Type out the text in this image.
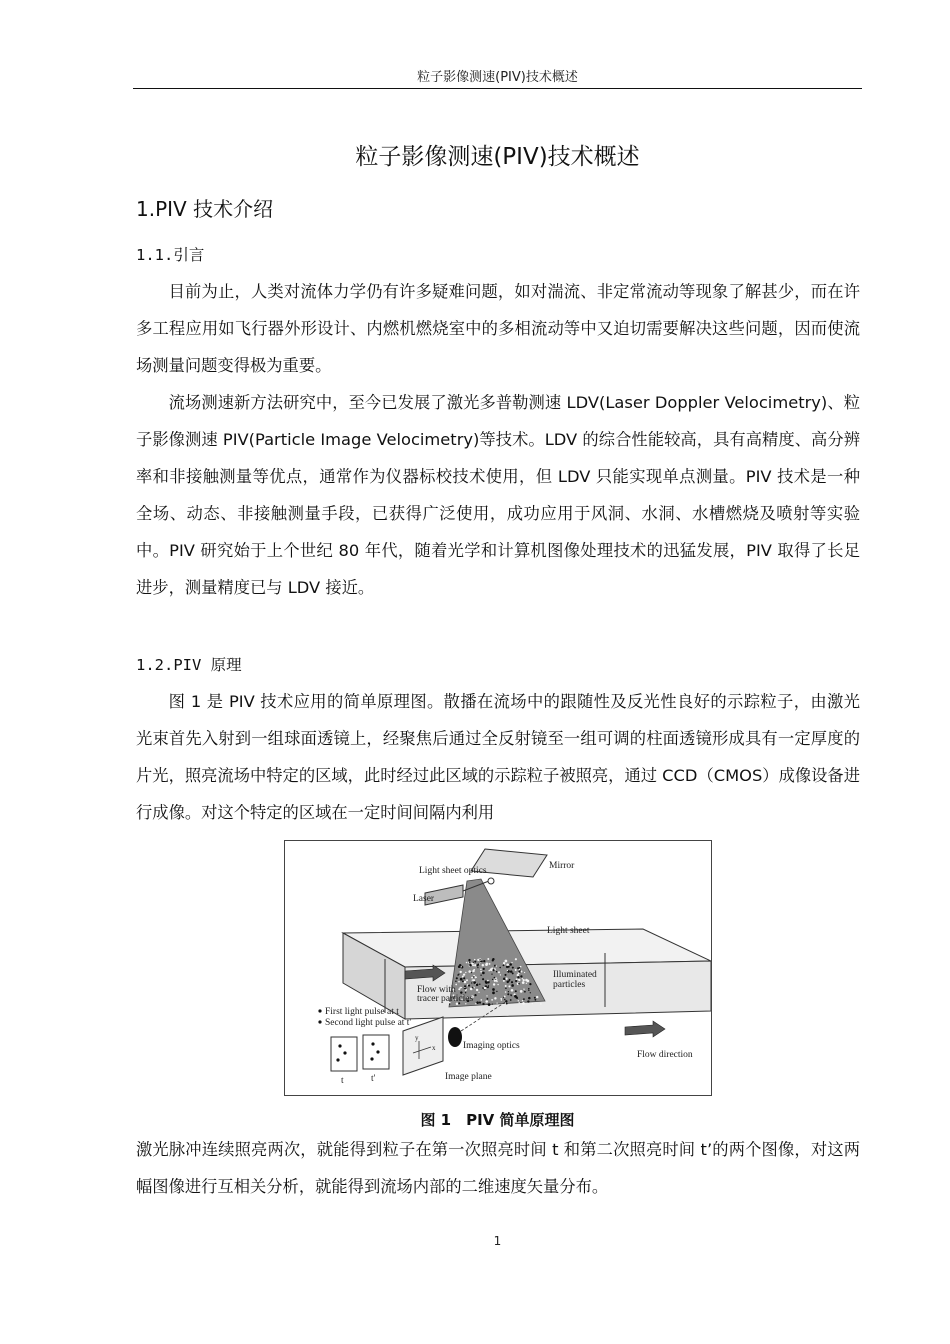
粒子影像测速(PIV)技术概述
粒子影像测速(PIV)技术概述
1.PIV 技术介绍
1.1.引言

目前为止，人类对流体力学仍有许多疑难问题，如对湍流、非定常流动等现象了解甚少，而在许多工程应用如飞行器外形设计、内燃机燃烧室中的多相流动等中又迫切需要解决这些问题，因而使流场测量问题变得极为重要。

流场测速新方法研究中，至今已发展了激光多普勒测速 LDV(Laser Doppler Velocimetry)、粒子影像测速 PIV(Particle Image Velocimetry)等技术。LDV 的综合性能较高，具有高精度、高分辨率和非接触测量等优点，通常作为仪器标校技术使用，但 LDV 只能实现单点测量。PIV 技术是一种全场、动态、非接触测量手段，已获得广泛使用，成功应用于风洞、水洞、水槽燃烧及喷射等实验中。PIV 研究始于上个世纪 80 年代，随着光学和计算机图像处理技术的迅猛发展，PIV 取得了长足进步，测量精度已与 LDV 接近。

1.2.PIV 原理

图 1 是 PIV 技术应用的简单原理图。散播在流场中的跟随性及反光性良好的示踪粒子，由激光光束首先入射到一组球面透镜上，经聚焦后通过全反射镜至一组可调的柱面透镜形成具有一定厚度的片光，照亮流场中特定的区域，此时经过此区域的示踪粒子被照亮，通过 CCD（CMOS）成像设备进行成像。对这个特定的区域在一定时间间隔内利用

Light sheet optics	Mirror
Laser
Light sheet
Illuminated
particles
Flow with
tracer particles
First light pulse at t
Second light pulse at t'
Imaging optics
Image plane
Flow direction
t	t'
y
x
图 1　PIV 简单原理图

激光脉冲连续照亮两次，就能得到粒子在第一次照亮时间 t 和第二次照亮时间 t’的两个图像，对这两幅图像进行互相关分析，就能得到流场内部的二维速度矢量分布。

1
